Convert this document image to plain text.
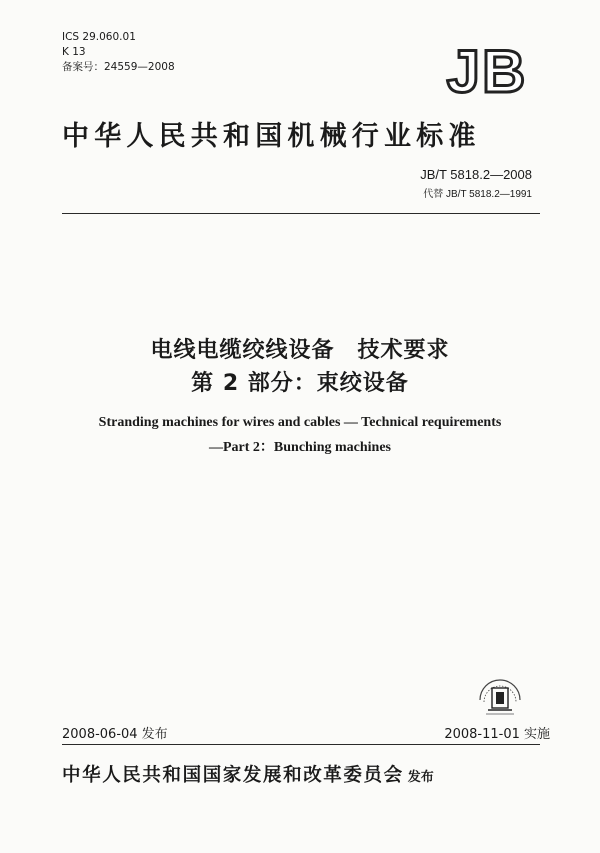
ICS 29.060.01
K 13
备案号：24559—2008	JB
中华人民共和国机械行业标准
JB/T 5818.2—2008
代替 JB/T 5818.2—1991
电线电缆绞线设备　技术要求
第 2 部分：束绞设备
Stranding machines for wires and cables — Technical requirements
—Part 2：Bunching machines
2008-06-04 发布	2008-11-01 实施
中华人民共和国国家发展和改革委员会 发布
